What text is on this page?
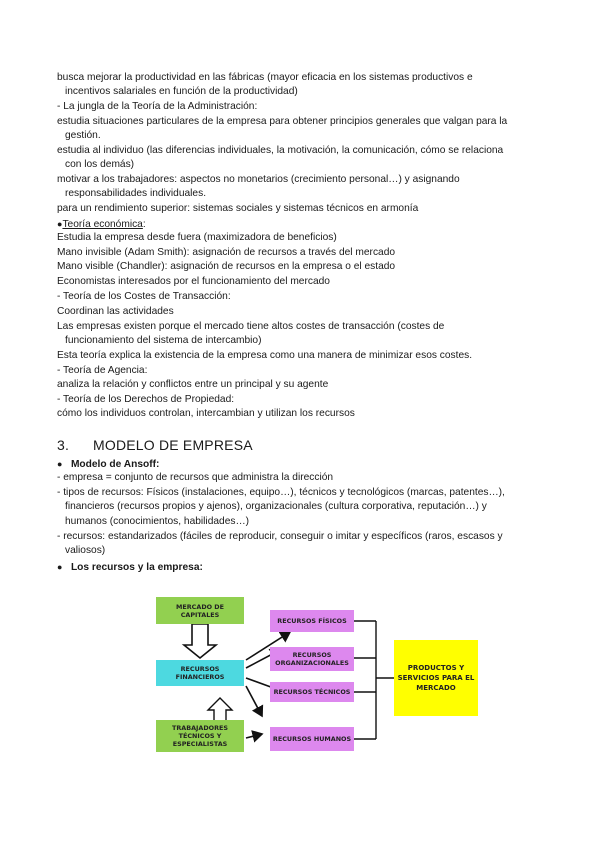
busca mejorar la productividad en las fábricas (mayor eficacia en los sistemas productivos e
incentivos salariales en función de la productividad)
- La jungla de la Teoría de la Administración:
estudia situaciones particulares de la empresa para obtener principios generales que valgan para la
gestión.
estudia al individuo (las diferencias individuales, la motivación, la comunicación, cómo se relaciona
con los demás)
motivar a los trabajadores: aspectos no monetarios (crecimiento personal…) y asignando
responsabilidades individuales.
para un rendimiento superior: sistemas sociales y sistemas técnicos en armonía
●Teoría económica:
Estudia la empresa desde fuera (maximizadora de beneficios)
Mano invisible (Adam Smith): asignación de recursos a través del mercado
Mano visible (Chandler): asignación de recursos en la empresa o el estado
Economistas interesados por el funcionamiento del mercado
- Teoría de los Costes de Transacción:
Coordinan las actividades
Las empresas existen porque el mercado tiene altos costes de transacción (costes de
funcionamiento del sistema de intercambio)
Esta teoría explica la existencia de la empresa como una manera de minimizar esos costes.
- Teoría de Agencia:
analiza la relación y conflictos entre un principal y su agente
- Teoría de los Derechos de Propiedad:
cómo los individuos controlan, intercambian y utilizan los recursos
3. MODELO DE EMPRESA
● Modelo de Ansoff:
- empresa = conjunto de recursos que administra la dirección
- tipos de recursos: Físicos (instalaciones, equipo…), técnicos y tecnológicos (marcas, patentes…),
financieros (recursos propios y ajenos), organizacionales (cultura corporativa, reputación…) y
humanos (conocimientos, habilidades…)
- recursos: estandarizados (fáciles de reproducir, conseguir o imitar y específicos (raros, escasos y
valiosos)
● Los recursos y la empresa:
MERCADO DE CAPITALES
RECURSOS FINANCIEROS
TRABAJADORES TÉCNICOS Y ESPECIALISTAS
RECURSOS FÍSICOS
RECURSOS ORGANIZACIONALES
RECURSOS TÉCNICOS
RECURSOS HUMANOS
PRODUCTOS Y SERVICIOS PARA EL MERCADO
